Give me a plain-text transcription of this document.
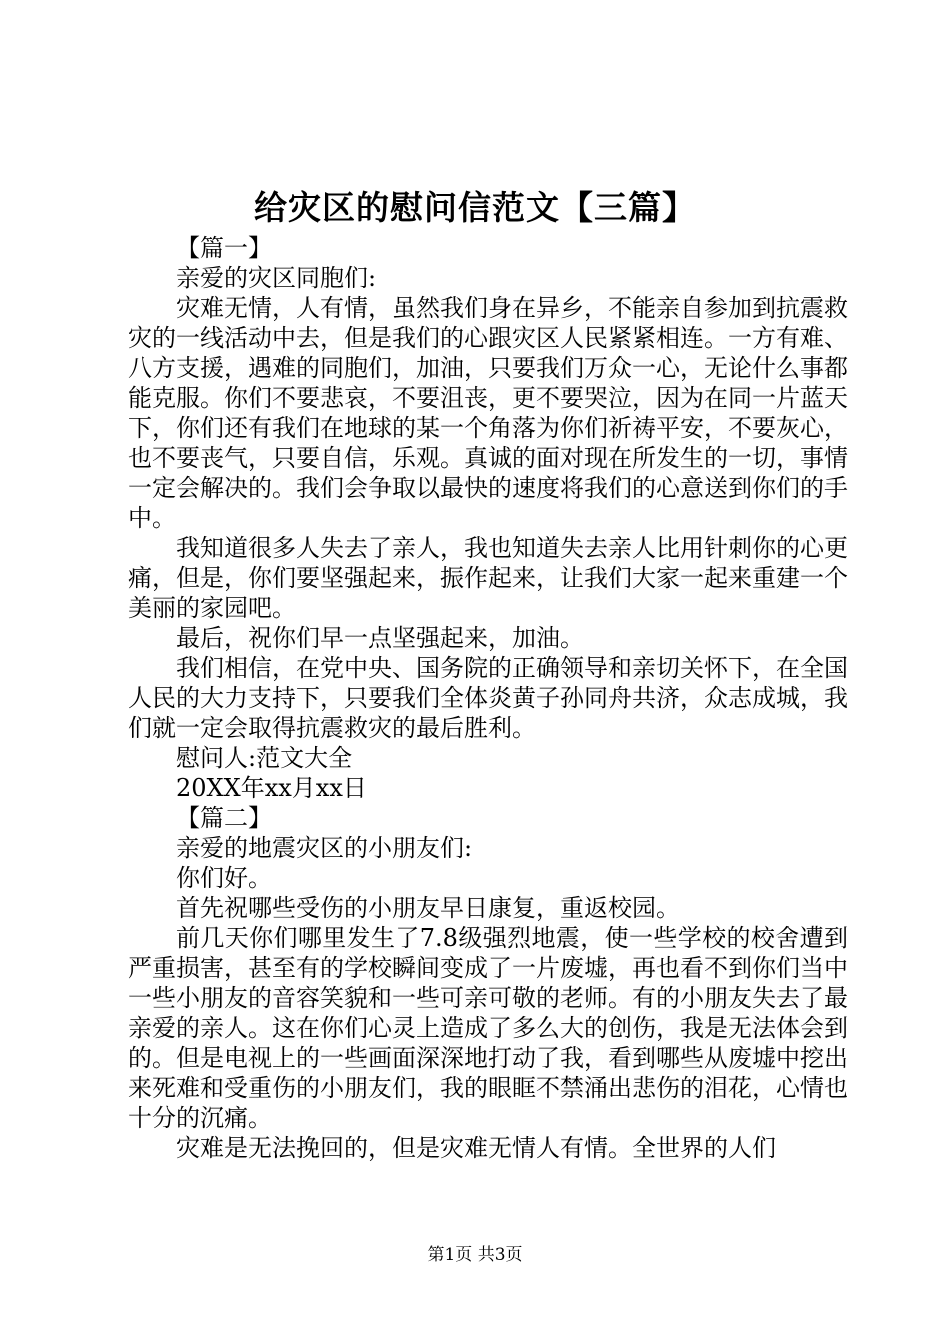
给灾区的慰问信范文【三篇】

【篇一】

亲爱的灾区同胞们:

灾难无情，人有情，虽然我们身在异乡，不能亲自参加到抗震救灾的一线活动中去，但是我们的心跟灾区人民紧紧相连。一方有难、八方支援，遇难的同胞们，加油，只要我们万众一心，无论什么事都能克服。你们不要悲哀，不要沮丧，更不要哭泣，因为在同一片蓝天下，你们还有我们在地球的某一个角落为你们祈祷平安，不要灰心，也不要丧气，只要自信，乐观。真诚的面对现在所发生的一切，事情一定会解决的。我们会争取以最快的速度将我们的心意送到你们的手中。

我知道很多人失去了亲人，我也知道失去亲人比用针刺你的心更痛，但是，你们要坚强起来，振作起来，让我们大家一起来重建一个美丽的家园吧。

最后，祝你们早一点坚强起来，加油。

我们相信，在党中央、国务院的正确领导和亲切关怀下，在全国人民的大力支持下，只要我们全体炎黄子孙同舟共济，众志成城，我们就一定会取得抗震救灾的最后胜利。

慰问人:范文大全

20XX年xx月xx日

【篇二】

亲爱的地震灾区的小朋友们:

你们好。

首先祝哪些受伤的小朋友早日康复，重返校园。

前几天你们哪里发生了7.8级强烈地震，使一些学校的校舍遭到严重损害，甚至有的学校瞬间变成了一片废墟，再也看不到你们当中一些小朋友的音容笑貌和一些可亲可敬的老师。有的小朋友失去了最亲爱的亲人。这在你们心灵上造成了多么大的创伤，我是无法体会到的。但是电视上的一些画面深深地打动了我，看到哪些从废墟中挖出来死难和受重伤的小朋友们，我的眼眶不禁涌出悲伤的泪花，心情也十分的沉痛。

灾难是无法挽回的，但是灾难无情人有情。全世界的人们

第1页 共3页
